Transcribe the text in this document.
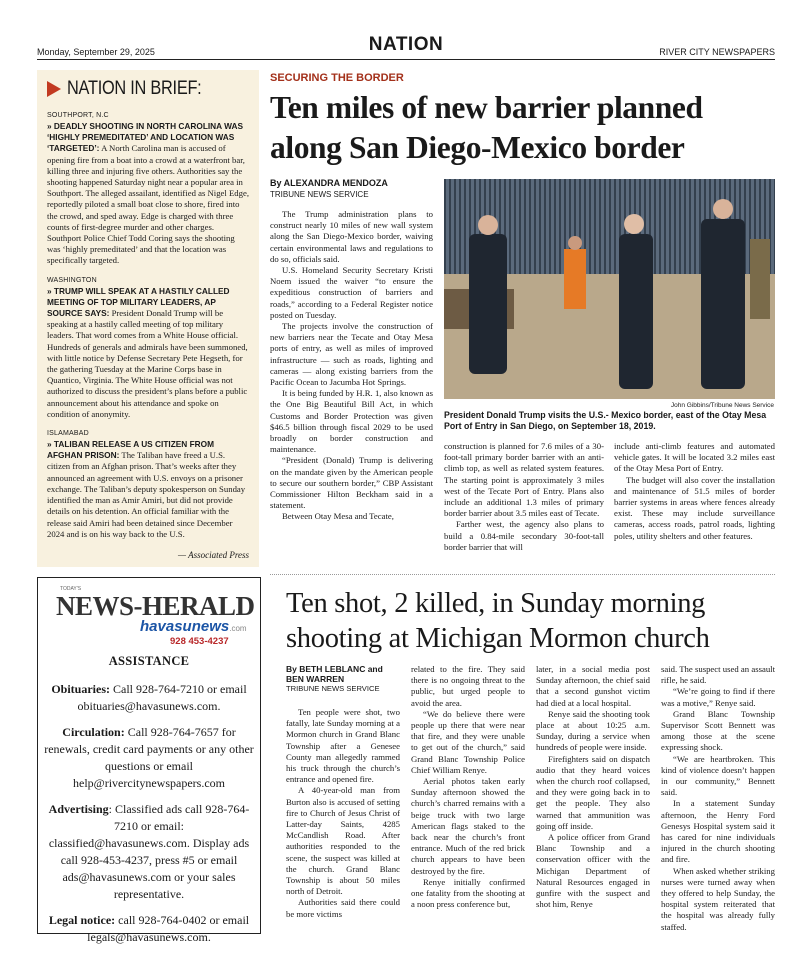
Monday, September 29, 2025	NATION	RIVER CITY NEWSPAPERS
NATION IN BRIEF:
SOUTHPORT, N.C
» DEADLY SHOOTING IN NORTH CAROLINA WAS ‘HIGHLY PREMEDITATED’ AND LOCATION WAS ‘TARGETED’: A North Carolina man is accused of opening fire from a boat into a crowd at a waterfront bar, killing three and injuring five others. Authorities say the shooting happened Saturday night near a popular area in Southport. The alleged assailant, identified as Nigel Edge, reportedly piloted a small boat close to shore, fired into the crowd, and sped away. Edge is charged with three counts of first-degree murder and other charges. Southport Police Chief Todd Coring says the shooting was ‘highly premeditated’ and that the location was specifically targeted.
WASHINGTON
» TRUMP WILL SPEAK AT A HASTILY CALLED MEETING OF TOP MILITARY LEADERS, AP SOURCE SAYS: President Donald Trump will be speaking at a hastily called meeting of top military leaders. That word comes from a White House official. Hundreds of generals and admirals have been summoned, with little notice by Defense Secretary Pete Hegseth, for the gathering Tuesday at the Marine Corps base in Quantico, Virginia. The White House official was not authorized to discuss the president’s plans before a public announcement about his attendance and spoke on condition of anonymity.
ISLAMABAD
» TALIBAN RELEASE A US CITIZEN FROM AFGHAN PRISON: The Taliban have freed a U.S. citizen from an Afghan prison. That’s weeks after they announced an agreement with U.S. envoys on a prisoner exchange. The Taliban’s deputy spokesperson on Sunday identified the man as Amir Amiri, but did not provide details on his detention. An official familiar with the release said Amiri had been detained since December 2024 and is on his way back to the U.S.
— Associated Press
SECURING THE BORDER
Ten miles of new barrier planned along San Diego-Mexico border
By ALEXANDRA MENDOZA
TRIBUNE NEWS SERVICE

The Trump administration plans to construct nearly 10 miles of new wall system along the San Diego-Mexico border, waiving certain environmental laws and regulations to do so, officials said.

U.S. Homeland Security Secretary Kristi Noem issued the waiver “to ensure the expeditious construction of barriers and roads,” according to a Federal Register notice posted on Tuesday.

The projects involve the construction of new barriers near the Tecate and Otay Mesa ports of entry, as well as miles of improved infrastructure — such as roads, lighting and cameras — along existing barriers from the Pacific Ocean to Jacumba Hot Springs.

It is being funded by H.R. 1, also known as the One Big Beautiful Bill Act, in which Customs and Border Protection was given $46.5 billion through fiscal 2029 to be used broadly on border construction and maintenance.

“President (Donald) Trump is delivering on the mandate given by the American people to secure our southern border,” CBP Assistant Commissioner Hilton Beckham said in a statement.

Between Otay Mesa and Tecate,

John Gibbins/Tribune News Service
President Donald Trump visits the U.S.- Mexico border, east of the Otay Mesa Port of Entry in San Diego, on September 18, 2019.

construction is planned for 7.6 miles of a 30-foot-tall primary border barrier with an anti-climb top, as well as related system features. The starting point is approximately 3 miles west of the Tecate Port of Entry. Plans also include an additional 1.3 miles of primary border barrier about 3.5 miles east of Tecate.

Farther west, the agency also plans to build a 0.84-mile secondary 30-foot-tall border barrier that will

include anti-climb features and automated vehicle gates. It will be located 3.2 miles east of the Otay Mesa Port of Entry.

The budget will also cover the installation and maintenance of 51.5 miles of border barrier systems in areas where fences already exist. These may include surveillance cameras, access roads, patrol roads, lighting poles, utility shelters and other features.

TODAY'S
NEWS-HERALD
havasunews.com
928 453-4237
ASSISTANCE

Obituaries: Call 928-764-7210 or email obituaries@havasunews.com.

Circulation: Call 928-764-7657 for renewals, credit card payments or any other questions or email help@rivercitynewspapers.com

Advertising: Classified ads call 928-764-7210 or email: classified@havasunews.com. Display ads call 928-453-4237, press #5 or email ads@havasunews.com or your sales representative.

Legal notice: call 928-764-0402 or email legals@havasunews.com.

Ten shot, 2 killed, in Sunday morning shooting at Michigan Mormon church
By BETH LEBLANC and BEN WARREN
TRIBUNE NEWS SERVICE

Ten people were shot, two fatally, late Sunday morning at a Mormon church in Grand Blanc Township after a Genesee County man allegedly rammed his truck through the church’s entrance and opened fire.

A 40-year-old man from Burton also is accused of setting fire to Church of Jesus Christ of Latter-day Saints, 4285 McCandlish Road. After authorities responded to the scene, the suspect was killed at the church. Grand Blanc Township is about 50 miles north of Detroit.

Authorities said there could be more victims

related to the fire. They said there is no ongoing threat to the public, but urged people to avoid the area.

“We do believe there were people up there that were near that fire, and they were unable to get out of the church,” said Grand Blanc Township Police Chief William Renye.

Aerial photos taken early Sunday afternoon showed the church’s charred remains with a beige truck with two large American flags staked to the back near the church’s front entrance. Much of the red brick church appears to have been destroyed by the fire.

Renye initially confirmed one fatality from the shooting at a noon press conference but,

later, in a social media post Sunday afternoon, the chief said that a second gunshot victim had died at a local hospital.

Renye said the shooting took place at about 10:25 a.m. Sunday, during a service when hundreds of people were inside.

Firefighters said on dispatch audio that they heard voices when the church roof collapsed, and they were going back in to get the people. They also warned that ammunition was going off inside.

A police officer from Grand Blanc Township and a conservation officer with the Michigan Department of Natural Resources engaged in gunfire with the suspect and shot him, Renye

said. The suspect used an assault rifle, he said.

“We’re going to find if there was a motive,” Renye said.

Grand Blanc Township Supervisor Scott Bennett was among those at the scene expressing shock.

“We are heartbroken. This kind of violence doesn’t happen in our community,” Bennett said.

In a statement Sunday afternoon, the Henry Ford Genesys Hospital system said it has cared for nine individuals injured in the church shooting and fire.

When asked whether striking nurses were turned away when they offered to help Sunday, the hospital system reiterated that the hospital was already fully staffed.
